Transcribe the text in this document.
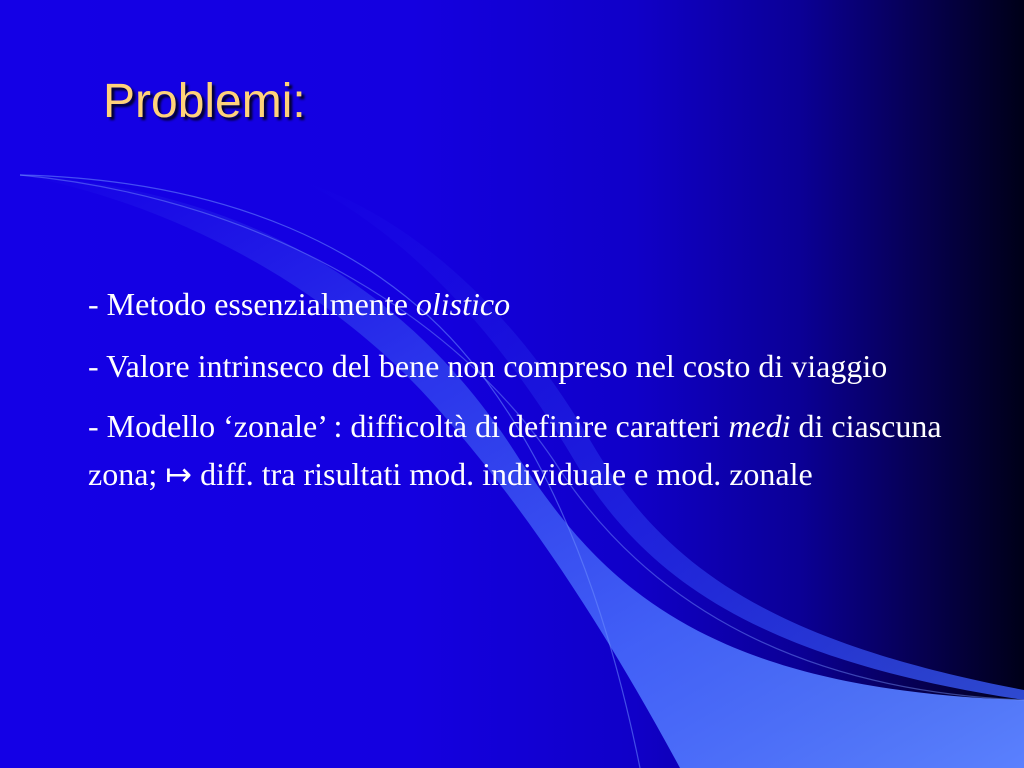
Problemi:

- Metodo essenzialmente olistico

- Valore intrinseco del bene non compreso nel costo di viaggio

- Modello ‘zonale’ : difficoltà di definire caratteri medi di ciascuna zona; ↦ diff. tra risultati mod. individuale e mod. zonale
